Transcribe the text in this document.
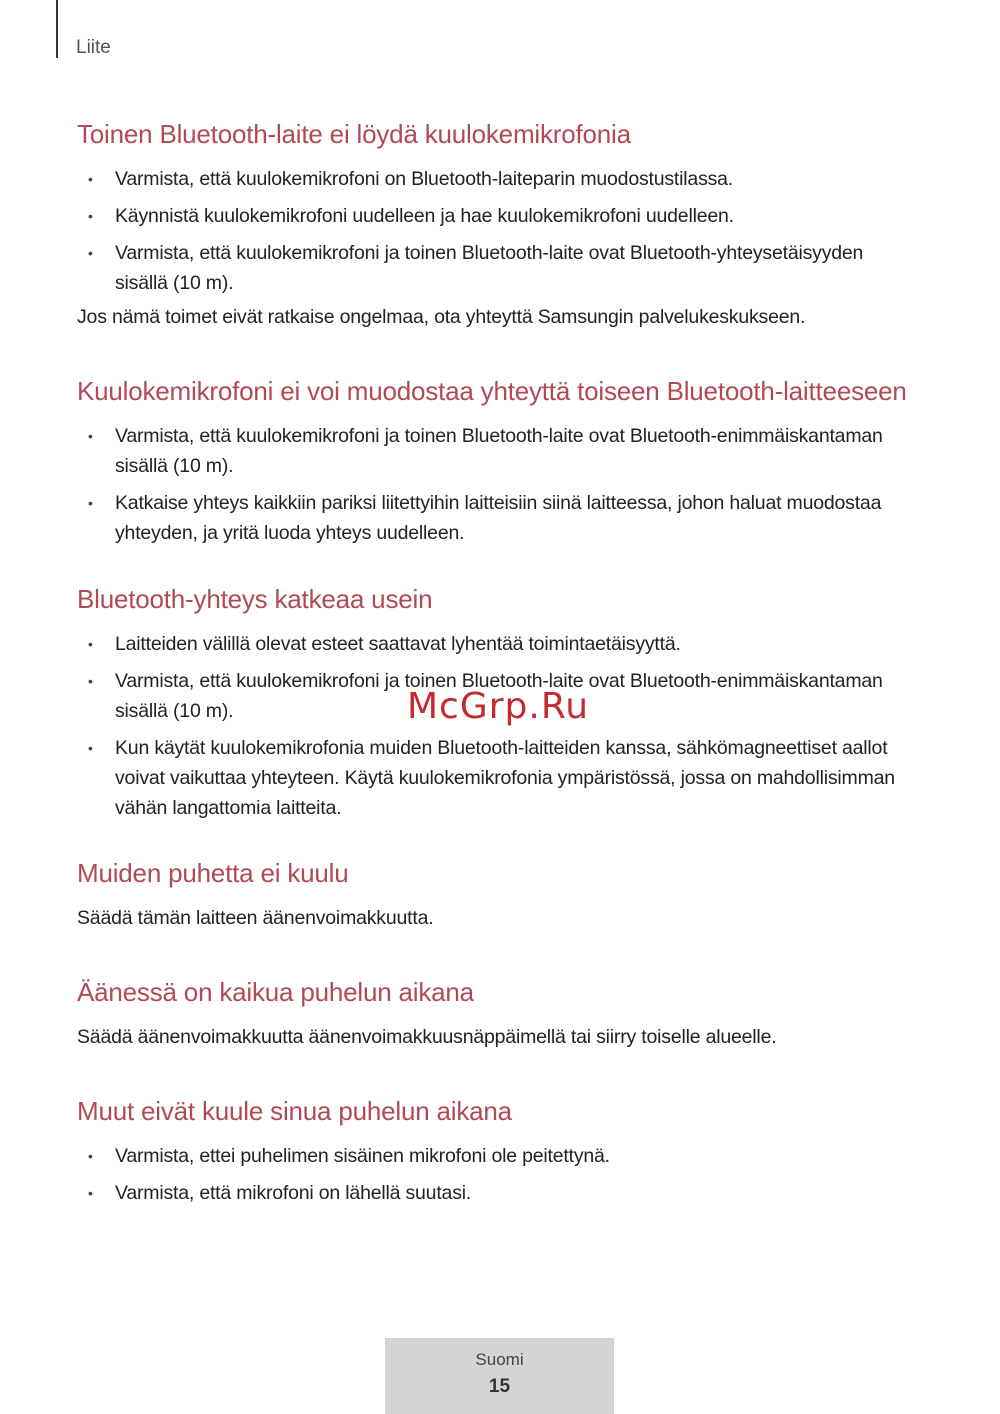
Liite
Toinen Bluetooth-laite ei löydä kuulokemikrofonia
• Varmista, että kuulokemikrofoni on Bluetooth-laiteparin muodostustilassa.
• Käynnistä kuulokemikrofoni uudelleen ja hae kuulokemikrofoni uudelleen.
• Varmista, että kuulokemikrofoni ja toinen Bluetooth-laite ovat Bluetooth-yhteysetäisyyden sisällä (10 m).

Jos nämä toimet eivät ratkaise ongelmaa, ota yhteyttä Samsungin palvelukeskukseen.

Kuulokemikrofoni ei voi muodostaa yhteyttä toiseen Bluetooth-laitteeseen
• Varmista, että kuulokemikrofoni ja toinen Bluetooth-laite ovat Bluetooth-enimmäiskantaman sisällä (10 m).
• Katkaise yhteys kaikkiin pariksi liitettyihin laitteisiin siinä laitteessa, johon haluat muodostaa yhteyden, ja yritä luoda yhteys uudelleen.
Bluetooth-yhteys katkeaa usein
• Laitteiden välillä olevat esteet saattavat lyhentää toimintaetäisyyttä.
• Varmista, että kuulokemikrofoni ja toinen Bluetooth-laite ovat Bluetooth-enimmäiskantaman sisällä (10 m).
• Kun käytät kuulokemikrofonia muiden Bluetooth-laitteiden kanssa, sähkömagneettiset aallot voivat vaikuttaa yhteyteen. Käytä kuulokemikrofonia ympäristössä, jossa on mahdollisimman vähän langattomia laitteita.
Muiden puhetta ei kuulu

Säädä tämän laitteen äänenvoimakkuutta.

Äänessä on kaikua puhelun aikana

Säädä äänenvoimakkuutta äänenvoimakkuusnäppäimellä tai siirry toiselle alueelle.

Muut eivät kuule sinua puhelun aikana
• Varmista, ettei puhelimen sisäinen mikrofoni ole peitettynä.
• Varmista, että mikrofoni on lähellä suutasi.
McGrp.Ru
Suomi
15
